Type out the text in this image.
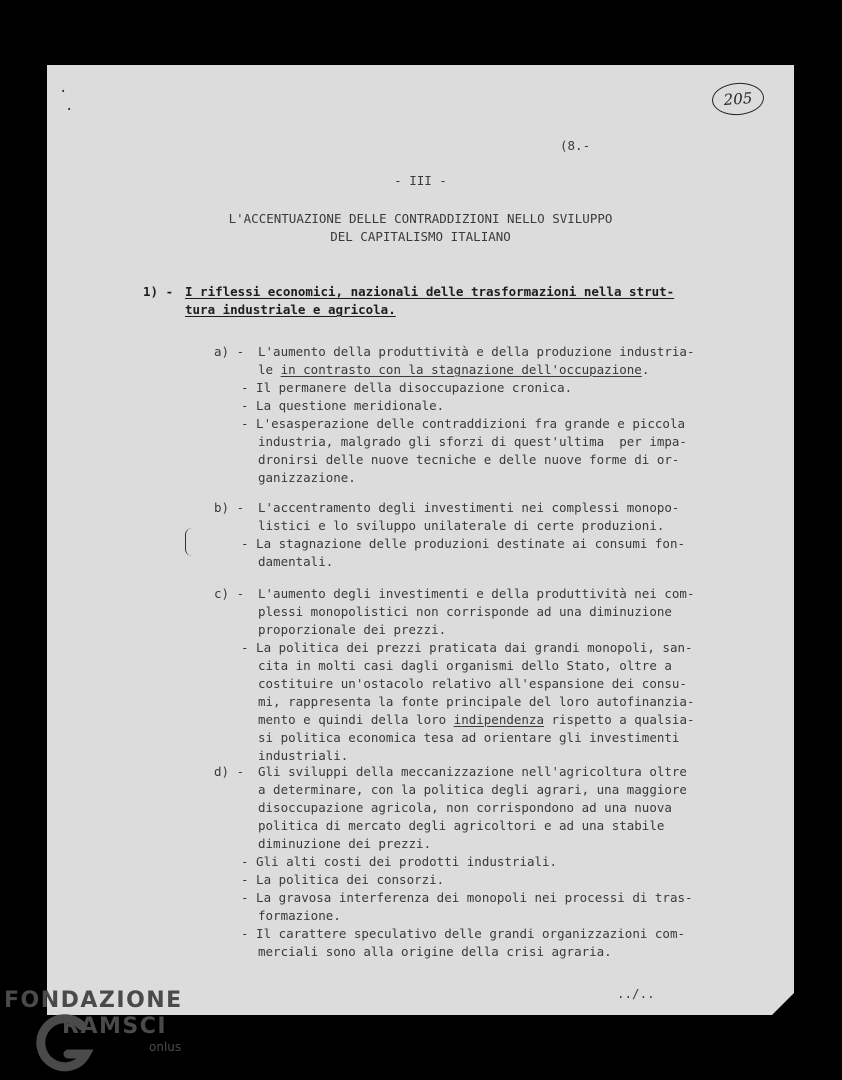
·
·
205

(8.-

- III -

L'ACCENTUAZIONE DELLE CONTRADDIZIONI NELLO SVILUPPO

DEL CAPITALISMO ITALIANO

1) - I riflessi economici, nazionali delle trasformazioni nella strut-

tura industriale e agricola.

a) - L'aumento della produttività e della produzione industria-

le in contrasto con la stagnazione dell'occupazione.

- Il permanere della disoccupazione cronica.

- La questione meridionale.

- L'esasperazione delle contraddizioni fra grande e piccola

industria, malgrado gli sforzi di quest'ultima  per impa-

dronirsi delle nuove tecniche e delle nuove forme di or-

ganizzazione.

b) - L'accentramento degli investimenti nei complessi monopo-

listici e lo sviluppo unilaterale di certe produzioni.

- La stagnazione delle produzioni destinate ai consumi fon-

damentali.

c) - L'aumento degli investimenti e della produttività nei com-

plessi monopolistici non corrisponde ad una diminuzione

proporzionale dei prezzi.

- La politica dei prezzi praticata dai grandi monopoli, san-

cita in molti casi dagli organismi dello Stato, oltre a

costituire un'ostacolo relativo all'espansione dei consu-

mi, rappresenta la fonte principale del loro autofinanzia-

mento e quindi della loro indipendenza rispetto a qualsia-

si politica economica tesa ad orientare gli investimenti

industriali.

d) - Gli sviluppi della meccanizzazione nell'agricoltura oltre

a determinare, con la politica degli agrari, una maggiore

disoccupazione agricola, non corrispondono ad una nuova

politica di mercato degli agricoltori e ad una stabile

diminuzione dei prezzi.

- Gli alti costi dei prodotti industriali.

- La politica dei consorzi.

- La gravosa interferenza dei monopoli nei processi di tras-

formazione.

- Il carattere speculativo delle grandi organizzazioni com-

merciali sono alla origine della crisi agraria.

../..

FONDAZIONE

RAMSCI

onlus
